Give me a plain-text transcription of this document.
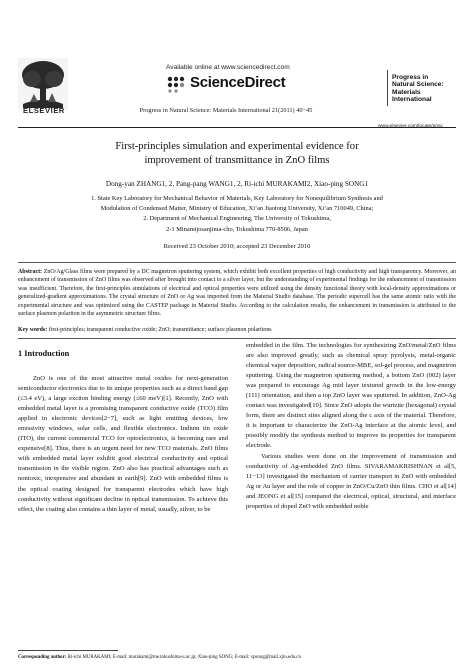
ELSEVIER
Available online at www.sciencedirect.com
ScienceDirect
Progress in Natural Science: Materials International 21(2011) 40−45
Progress in
Natural Science:
Materials
International
First-principles simulation and experimental evidence for
improvement of transmittance in ZnO films
Dong-yan ZHANG1, 2, Pang-pang WANG1, 2, Ri-ichi MURAKAMI2, Xiao-ping SONG1
1. State Key Laboratory for Mechanical Behavior of Materials, Key Laboratory for Nonequilibrium Synthesis and
Modulation of Condensed Matter, Ministry of Education, Xi’an Jiaotong University, Xi’an 710049, China;
2. Department of Mechanical Engineering, The University of Tokushima,
2-1 Minamijosanjima-cho, Tokushima 770-8506, Japan
Received 23 October 2010; accepted 23 December 2010
Abstract: ZnO/Ag/Glass films were prepared by a DC magnetron sputtering system, which exhibit both excellent properties of high conductivity and high transparency. Moreover, an enhancement of transmission of ZnO films was observed after brought into contact to a silver layer, but the understanding of experimental findings for the enhancement of transmission was insufficient. Therefore, the first-principles simulations of electrical and optical properties were utilized using the density functional theory with local-density approximations or generalized-gradient approximations. The crystal structure of ZnO or Ag was imported from the Material Studio database. The periodic supercell has the same atomic ratio with the experimental structure and was optimized using the CASTEP package in Material Studio. According to the calculation results, the enhancement in transmission is attributed to the surface plasmon polariton in the asymmetric structure films.
Key words: first-principles; transparent conductive oxide; ZnO; transmittance; surface plasmon polaritons
1 Introduction

ZnO is one of the most attractive metal oxides for next-generation semiconductor electronics due to its unique properties such as a direct band gap (≤3.4 eV), a large exciton binding energy (≤60 meV)[1]. Recently, ZnO with embedded metal layer is a promising transparent conductive oxide (TCO) film applied in electronic devices[2−7], such as light emitting devices, low emissivity windows, solar cells, and flexible electronics. Indium tin oxide (ITO), the current commercial TCO for optoelectronics, is becoming rare and expensive[8]. Thus, there is an urgent need for new TCO materials. ZnO films with embedded metal layer exhibit good electrical conductivity and optical transmission in the visible region. ZnO also has practical advantages such as nontoxic, inexpensive and abundant in earth[9]. ZnO with embedded films is the optical coating designed for transparent electrodes which have high conductivity without significant decline in optical transmission. To achieve this effect, the coating also contains a thin layer of metal, usually, silver, to be

embedded in the film. The technologies for synthesizing ZnO/metal/ZnO films are also improved greatly, such as chemical spray pyrolysis, metal-organic chemical vapor deposition, radical source-MBE, sol-gel process, and magnetron sputtering. Using the magnetron sputtering method, a bottom ZnO (002) layer was prepared to encourage Ag mid layer textured growth in the low-energy (111) orientation, and then a top ZnO layer was sputtered. In addition, ZnO-Ag contact was investigated[10]. Since ZnO adopts the wurtzite (hexagonal) crystal form, there are distinct sites aligned along the c axis of the material. Therefore, it is important to characterize the ZnO-Ag interface at the atomic level, and possibly modify the synthesis method to improve its properties for transparent electrode.

Various studies were done on the improvement of transmission and conductivity of Ag-embedded ZnO films. SIVARAMAKRISHNAN et al[5, 11−13] investigated the mechanism of carrier transport in ZnO with embedded Ag or Au layer and the role of copper in ZnO/Cu/ZnO thin films. CHO et al[14] and JEONG et al[15] compared the electrical, optical, structural, and interface properties of doped ZnO with embedded noble

Corresponding author: Ri-ichi MURAKAMI; E-mail: murakami@me.tokushima-u.ac.jp; Xiao-ping SONG; E-mail: xpsong@mail.xjtu.edu.cn
